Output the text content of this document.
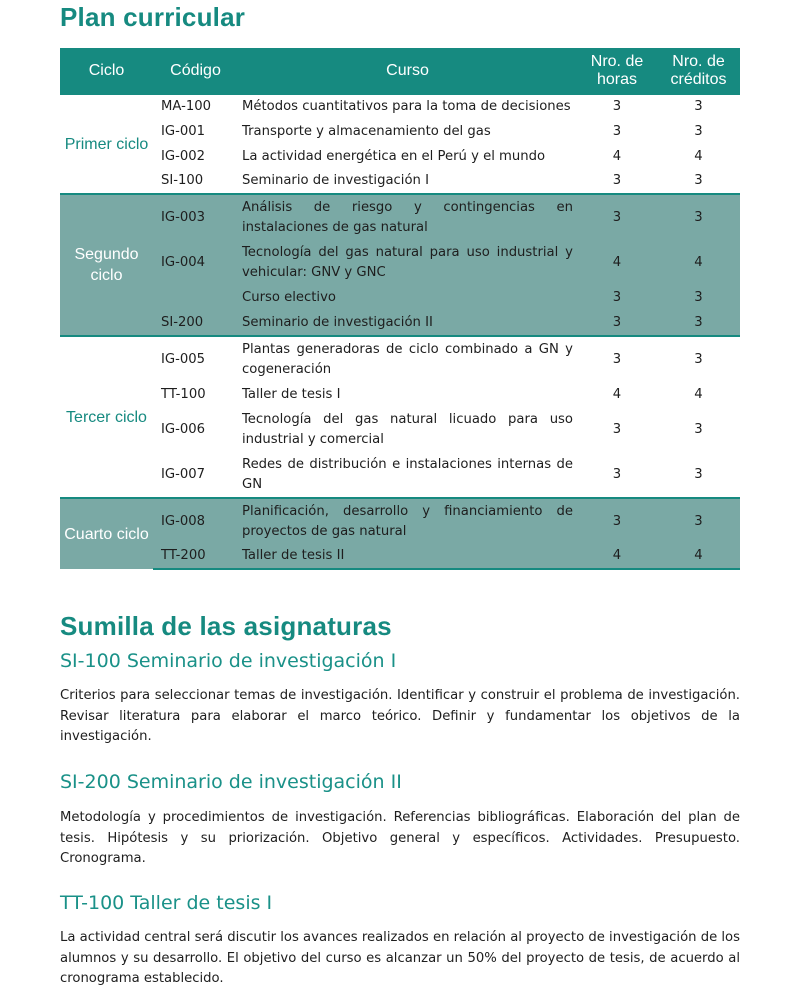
Plan curricular
Ciclo	Código	Curso	Nro. de horas	Nro. de créditos
Primer ciclo	MA-100	Métodos cuantitativos para la toma de decisiones	3	3
	IG-001	Transporte y almacenamiento del gas	3	3
	IG-002	La actividad energética en el Perú y el mundo	4	4
	SI-100	Seminario de investigación I	3	3
Segundo ciclo	IG-003	Análisis de riesgo y contingencias en instalaciones de gas natural	3	3
	IG-004	Tecnología del gas natural para uso industrial y vehicular: GNV y GNC	4	4
		Curso electivo	3	3
	SI-200	Seminario de investigación II	3	3
Tercer ciclo	IG-005	Plantas generadoras de ciclo combinado a GN y cogeneración	3	3
	TT-100	Taller de tesis I	4	4
	IG-006	Tecnología del gas natural licuado para uso industrial y comercial	3	3
	IG-007	Redes de distribución e instalaciones internas de GN	3	3
Cuarto ciclo	IG-008	Planificación, desarrollo y financiamiento de proyectos de gas natural	3	3
	TT-200	Taller de tesis II	4	4
Sumilla de las asignaturas
SI-100 Seminario de investigación I

Criterios para seleccionar temas de investigación. Identificar y construir el problema de investigación. Revisar literatura para elaborar el marco teórico. Definir y fundamentar los objetivos de la investigación.

SI-200 Seminario de investigación II

Metodología y procedimientos de investigación. Referencias bibliográficas. Elaboración del plan de tesis. Hipótesis y su priorización. Objetivo general y específicos. Actividades. Presupuesto. Cronograma.

TT-100 Taller de tesis I

La actividad central será discutir los avances realizados en relación al proyecto de investigación de los alumnos y su desarrollo. El objetivo del curso es alcanzar un 50% del proyecto de tesis, de acuerdo al cronograma establecido.
